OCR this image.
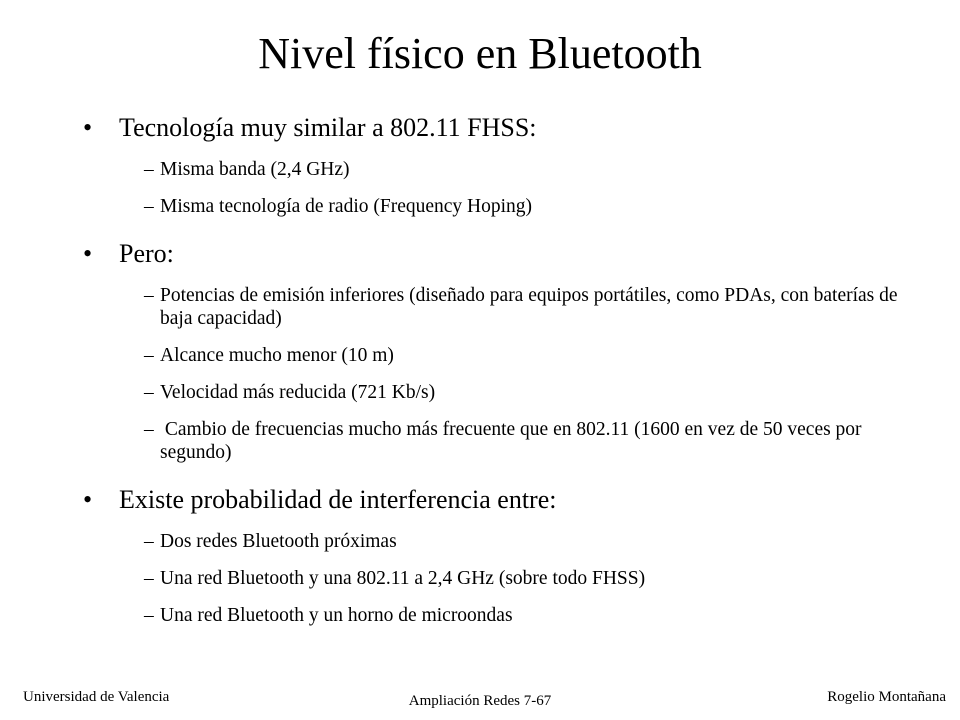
Nivel físico en Bluetooth
• Tecnología muy similar a 802.11 FHSS:
– Misma banda (2,4 GHz)
– Misma tecnología de radio (Frequency Hoping)
• Pero:
– Potencias de emisión inferiores (diseñado para equipos portátiles, como PDAs, con baterías de baja capacidad)
– Alcance mucho menor (10 m)
– Velocidad más reducida (721 Kb/s)
– Cambio de frecuencias mucho más frecuente que en 802.11 (1600 en vez de 50 veces por segundo)
• Existe probabilidad de interferencia entre:
– Dos redes Bluetooth próximas
– Una red Bluetooth y una 802.11 a 2,4 GHz (sobre todo FHSS)
– Una red Bluetooth y un horno de microondas
Universidad de Valencia	Ampliación Redes 7-67	Rogelio Montañana
